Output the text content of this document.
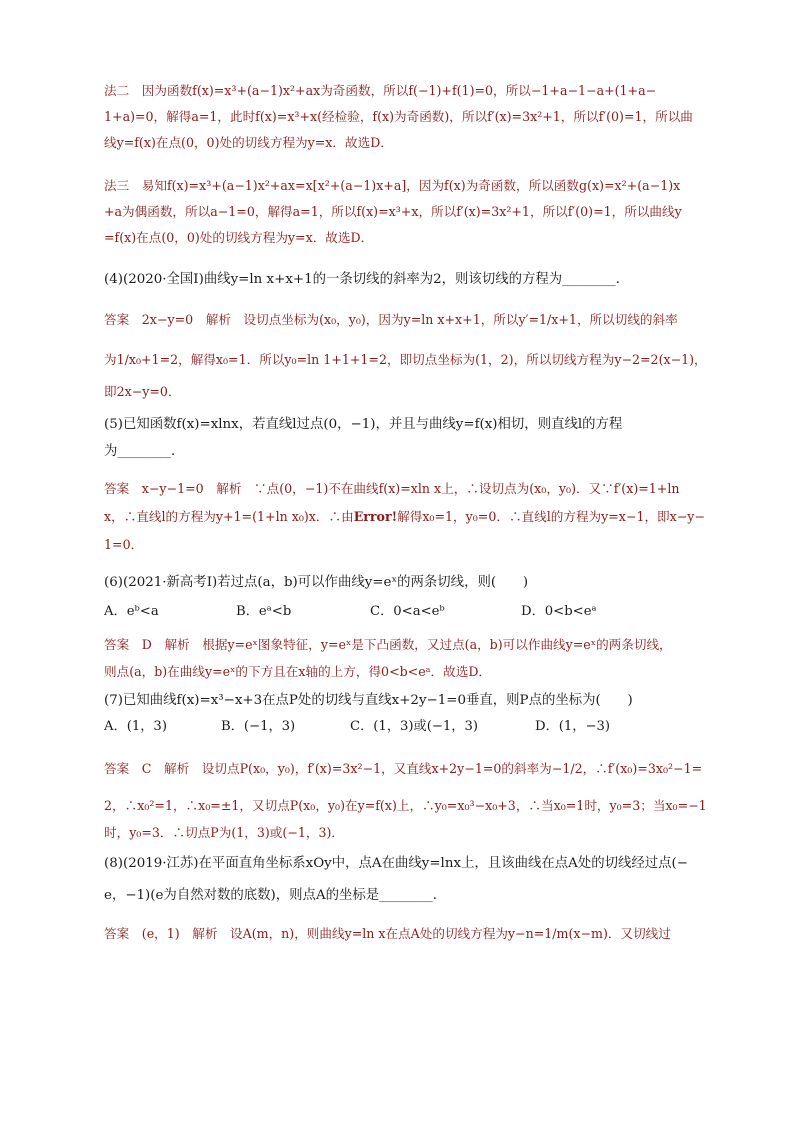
法二　因为函数f(x)=x³+(a−1)x²+ax为奇函数，所以f(−1)+f(1)=0，所以−1+a−1−a+(1+a−
1+a)=0，解得a=1，此时f(x)=x³+x(经检验，f(x)为奇函数)，所以f′(x)=3x²+1，所以f′(0)=1，所以曲
线y=f(x)在点(0，0)处的切线方程为y=x．故选D．
法三　易知f(x)=x³+(a−1)x²+ax=x[x²+(a−1)x+a]，因为f(x)为奇函数，所以函数g(x)=x²+(a−1)x
+a为偶函数，所以a−1=0，解得a=1，所以f(x)=x³+x，所以f′(x)=3x²+1，所以f′(0)=1，所以曲线y
=f(x)在点(0，0)处的切线方程为y=x．故选D．
(4)(2020·全国Ⅰ)曲线y=ln x+x+1的一条切线的斜率为2，则该切线的方程为________．
答案　2x−y=0　解析　设切点坐标为(x₀，y₀)，因为y=ln x+x+1，所以y′=1/x+1，所以切线的斜率
为1/x₀+1=2，解得x₀=1．所以y₀=ln 1+1+1=2，即切点坐标为(1，2)，所以切线方程为y−2=2(x−1)，
即2x−y=0．
(5)已知函数f(x)=xlnx，若直线l过点(0，−1)，并且与曲线y=f(x)相切，则直线l的方程
为________．
答案　x−y−1=0　解析　∵点(0，−1)不在曲线f(x)=xln x上，∴设切点为(x₀，y₀)．又∵f′(x)=1+ln
x，∴直线l的方程为y+1=(1+ln x₀)x．∴由Error!解得x₀=1，y₀=0．∴直线l的方程为y=x−1，即x−y−
1=0．
(6)(2021·新高考Ⅰ)若过点(a，b)可以作曲线y=eˣ的两条切线，则(　　)
A．eᵇ<a	B．eᵃ<b	C．0<a<eᵇ	D．0<b<eᵃ
答案　D　解析　根据y=eˣ图象特征，y=eˣ是下凸函数，又过点(a，b)可以作曲线y=eˣ的两条切线，
则点(a，b)在曲线y=eˣ的下方且在x轴的上方，得0<b<eᵃ．故选D．
(7)已知曲线f(x)=x³−x+3在点P处的切线与直线x+2y−1=0垂直，则P点的坐标为(　　)
A．(1，3)	B．(−1，3)	C．(1，3)或(−1，3)	D．(1，−3)
答案　C　解析　设切点P(x₀，y₀)，f′(x)=3x²−1，又直线x+2y−1=0的斜率为−1/2，∴f′(x₀)=3x₀²−1=
2，∴x₀²=1，∴x₀=±1，又切点P(x₀，y₀)在y=f(x)上，∴y₀=x₀³−x₀+3，∴当x₀=1时，y₀=3；当x₀=−1
时，y₀=3．∴切点P为(1，3)或(−1，3)．
(8)(2019·江苏)在平面直角坐标系xOy中，点A在曲线y=lnx上，且该曲线在点A处的切线经过点(−
e，−1)(e为自然对数的底数)，则点A的坐标是________．
答案　(e，1)　解析　设A(m，n)，则曲线y=ln x在点A处的切线方程为y−n=1/m(x−m)．又切线过
